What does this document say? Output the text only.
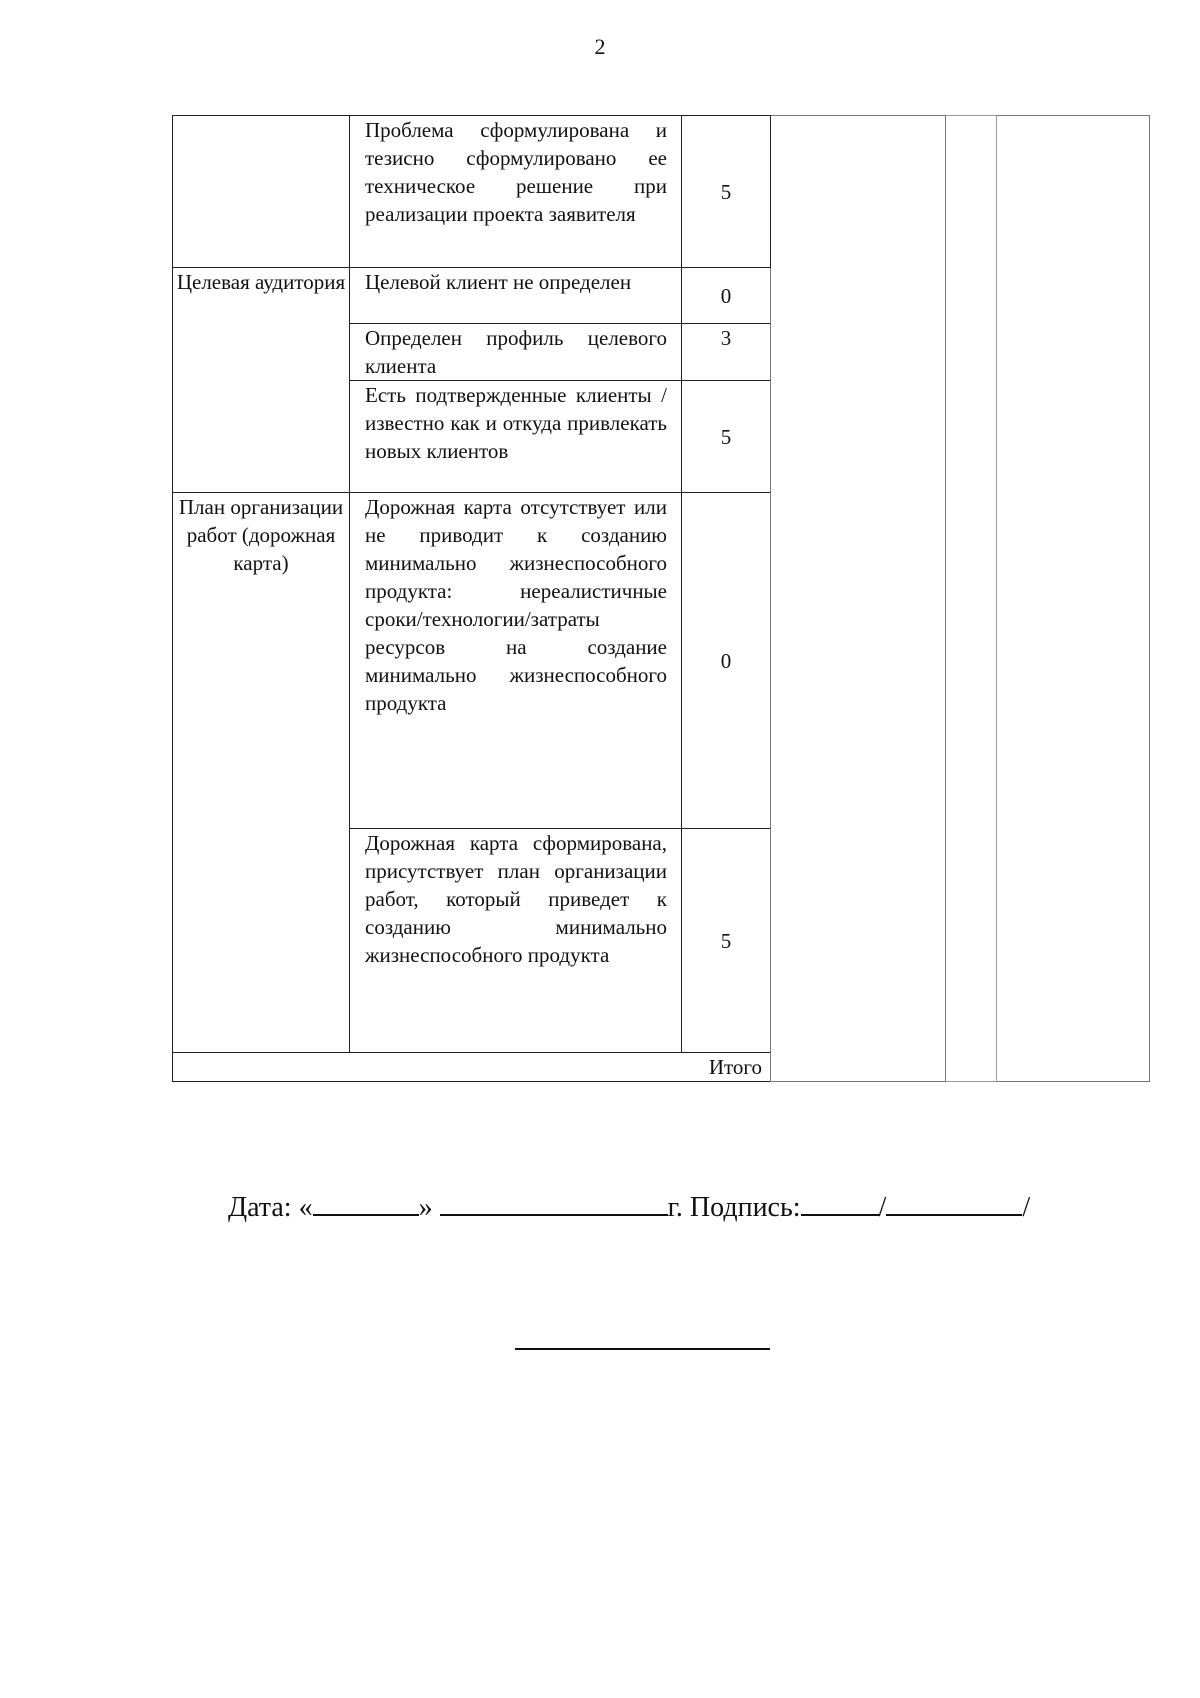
2

	Проблема сформулирована и тезисно сформулировано ее техническое решение при реализации проекта заявителя	5				
Целевая аудитория	Целевой клиент не определен	0				

	Определен профиль целевого клиента	3				

	Есть подтвержденные клиенты / известно как и откуда привлекать новых клиентов	5				
План организации работ (дорожная карта)	Дорожная карта отсутствует или не приводит к созданию минимально жизнеспособного продукта: нереалистичные сроки/технологии/затраты ресурсов на создание минимально жизнеспособного продукта	0				

	Дорожная карта сформирована, присутствует план организации работ, который приведет к созданию минимально жизнеспособного продукта	5				
Итого						
Дата: «	»	г. Подпись:	/	/
